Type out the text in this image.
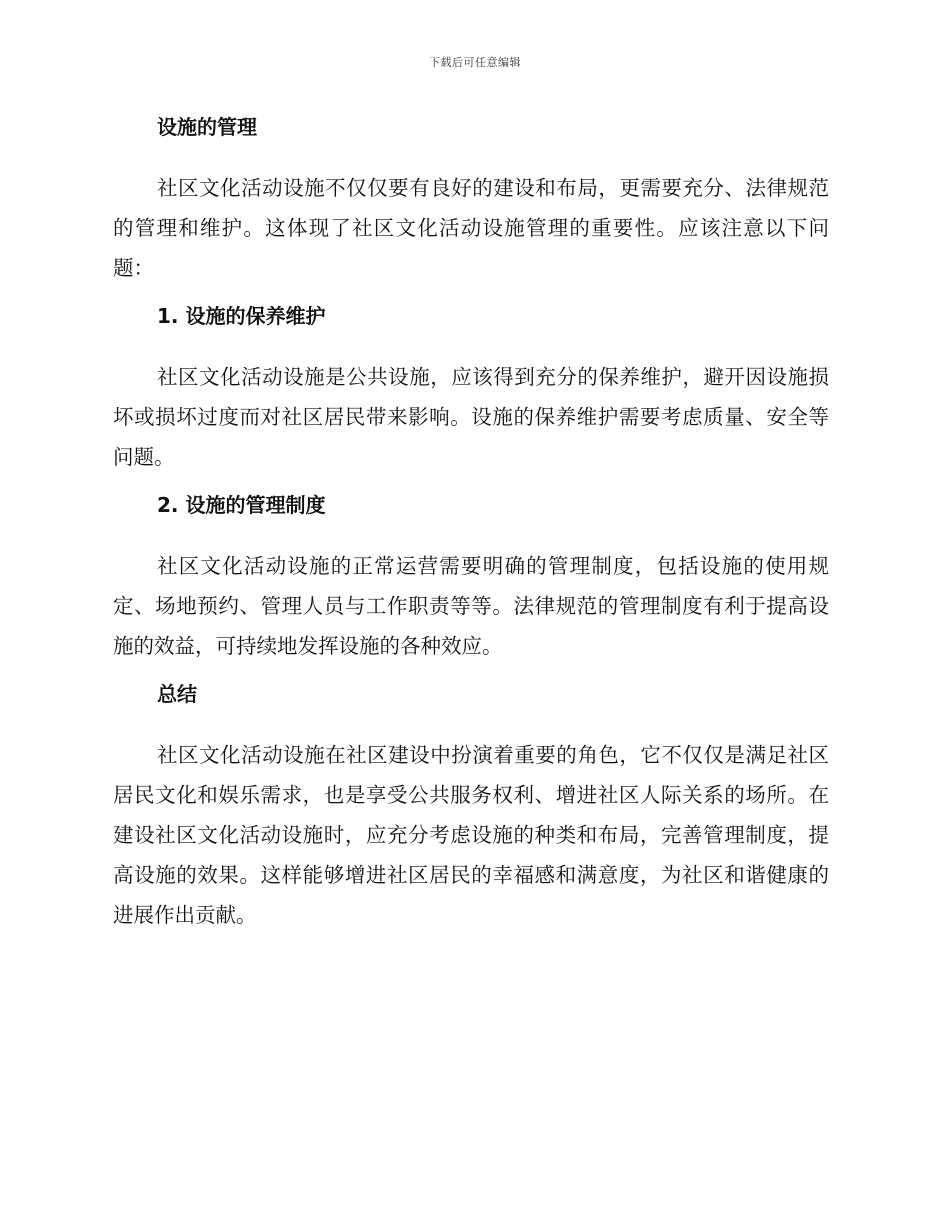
下载后可任意编辑
设施的管理

社区文化活动设施不仅仅要有良好的建设和布局，更需要充分、法律规范的管理和维护。这体现了社区文化活动设施管理的重要性。应该注意以下问题：

1. 设施的保养维护

社区文化活动设施是公共设施，应该得到充分的保养维护，避开因设施损坏或损坏过度而对社区居民带来影响。设施的保养维护需要考虑质量、安全等问题。

2. 设施的管理制度

社区文化活动设施的正常运营需要明确的管理制度，包括设施的使用规定、场地预约、管理人员与工作职责等等。法律规范的管理制度有利于提高设施的效益，可持续地发挥设施的各种效应。

总结

社区文化活动设施在社区建设中扮演着重要的角色，它不仅仅是满足社区居民文化和娱乐需求，也是享受公共服务权利、增进社区人际关系的场所。在建设社区文化活动设施时，应充分考虑设施的种类和布局，完善管理制度，提高设施的效果。这样能够增进社区居民的幸福感和满意度，为社区和谐健康的进展作出贡献。
